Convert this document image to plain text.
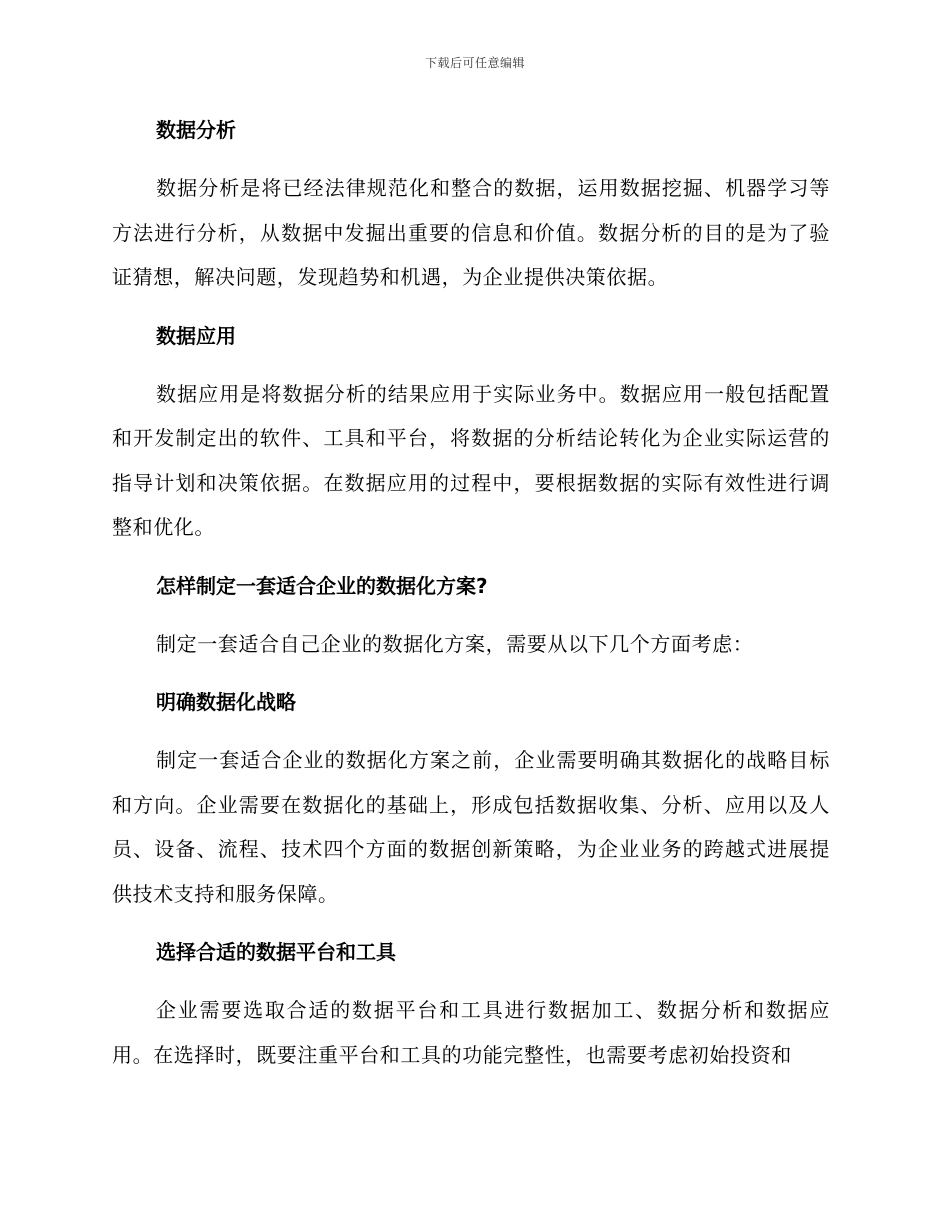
下载后可任意编辑
数据分析

数据分析是将已经法律规范化和整合的数据，运用数据挖掘、机器学习等方法进行分析，从数据中发掘出重要的信息和价值。数据分析的目的是为了验证猜想，解决问题，发现趋势和机遇，为企业提供决策依据。

数据应用

数据应用是将数据分析的结果应用于实际业务中。数据应用一般包括配置和开发制定出的软件、工具和平台，将数据的分析结论转化为企业实际运营的指导计划和决策依据。在数据应用的过程中，要根据数据的实际有效性进行调整和优化。

怎样制定一套适合企业的数据化方案?

制定一套适合自己企业的数据化方案，需要从以下几个方面考虑：

明确数据化战略

制定一套适合企业的数据化方案之前，企业需要明确其数据化的战略目标和方向。企业需要在数据化的基础上，形成包括数据收集、分析、应用以及人员、设备、流程、技术四个方面的数据创新策略，为企业业务的跨越式进展提供技术支持和服务保障。

选择合适的数据平台和工具

企业需要选取合适的数据平台和工具进行数据加工、数据分析和数据应用。在选择时，既要注重平台和工具的功能完整性，也需要考虑初始投资和
